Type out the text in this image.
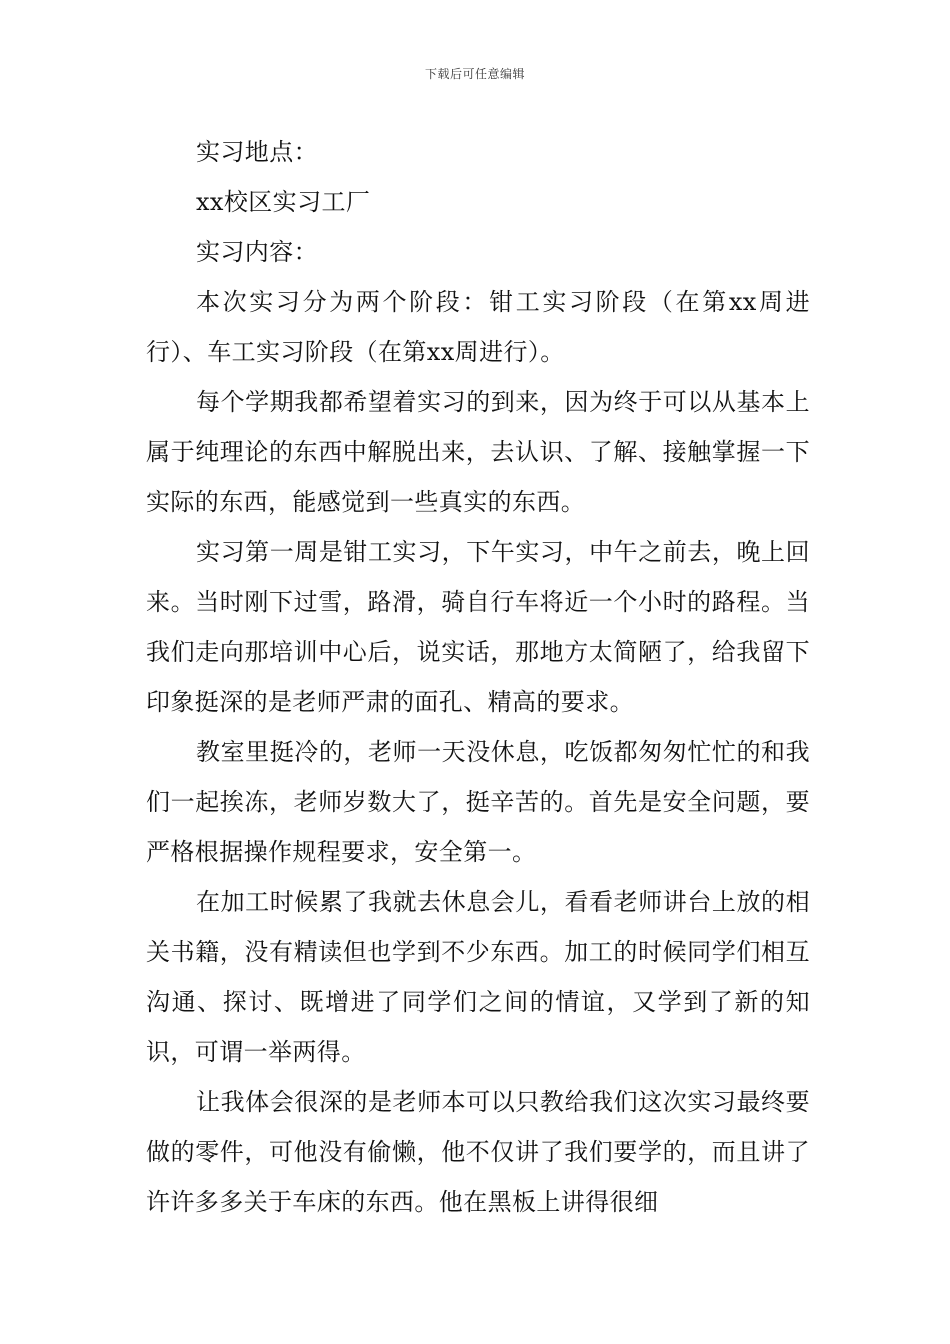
下载后可任意编辑

实习地点：

xx校区实习工厂

实习内容：

本次实习分为两个阶段：钳工实习阶段（在第xx周进行）、车工实习阶段（在第xx周进行）。

每个学期我都希望着实习的到来，因为终于可以从基本上属于纯理论的东西中解脱出来，去认识、了解、接触掌握一下实际的东西，能感觉到一些真实的东西。

实习第一周是钳工实习，下午实习，中午之前去，晚上回来。当时刚下过雪，路滑，骑自行车将近一个小时的路程。当我们走向那培训中心后，说实话，那地方太简陋了，给我留下印象挺深的是老师严肃的面孔、精高的要求。

教室里挺冷的，老师一天没休息，吃饭都匆匆忙忙的和我们一起挨冻，老师岁数大了，挺辛苦的。首先是安全问题，要严格根据操作规程要求，安全第一。

在加工时候累了我就去休息会儿，看看老师讲台上放的相关书籍，没有精读但也学到不少东西。加工的时候同学们相互沟通、探讨、既增进了同学们之间的情谊，又学到了新的知识，可谓一举两得。

让我体会很深的是老师本可以只教给我们这次实习最终要做的零件，可他没有偷懒，他不仅讲了我们要学的，而且讲了许许多多关于车床的东西。他在黑板上讲得很细
